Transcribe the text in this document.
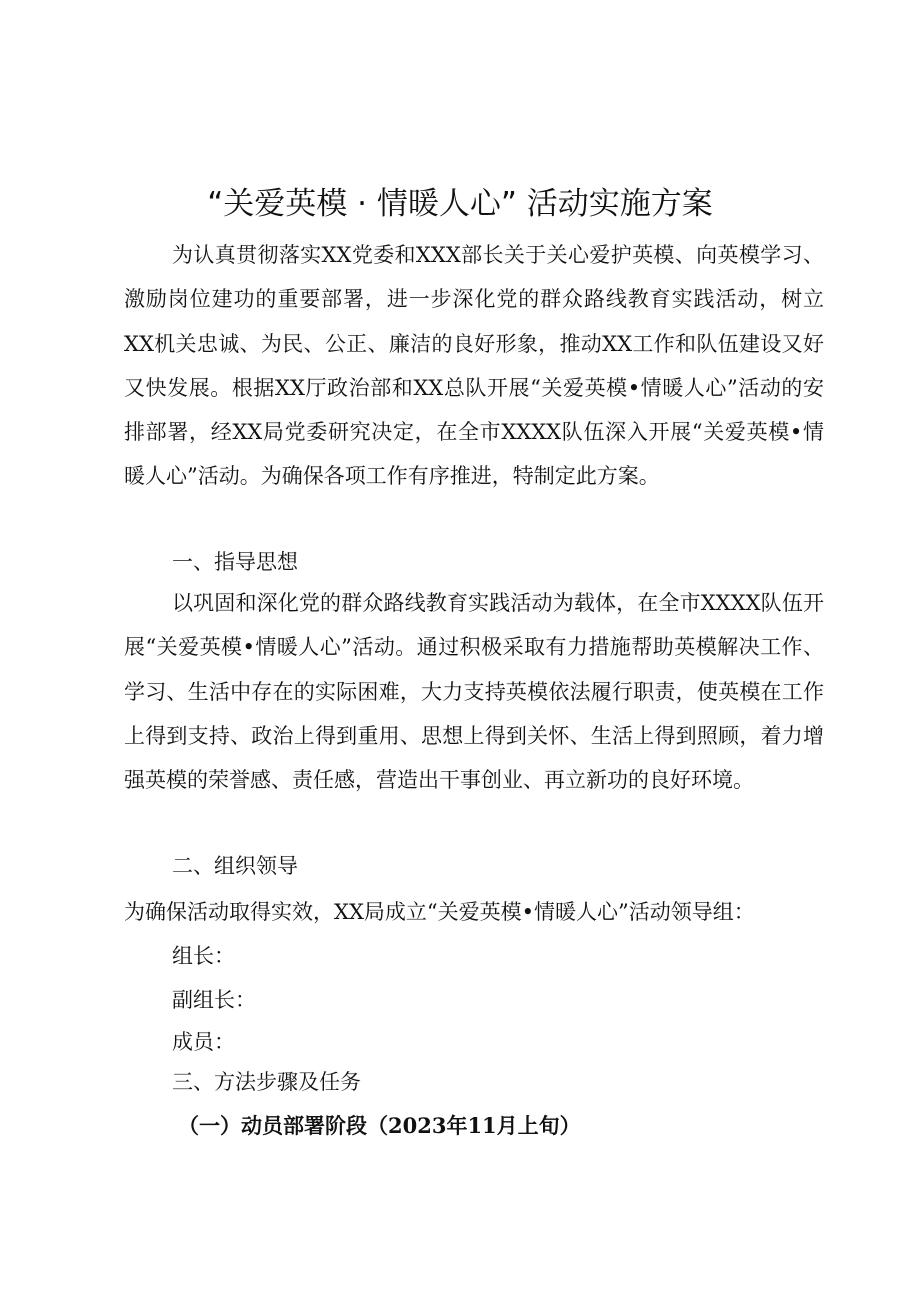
“关爱英模 · 情暖人心” 活动实施方案

为认真贯彻落实XX党委和XXX部长关于关心爱护英模、向英模学习、激励岗位建功的重要部署，进一步深化党的群众路线教育实践活动，树立XX机关忠诚、为民、公正、廉洁的良好形象，推动XX工作和队伍建设又好又快发展。根据XX厅政治部和XX总队开展“关爱英模•情暖人心”活动的安排部署，经XX局党委研究决定，在全市XXXX队伍深入开展“关爱英模•情暖人心”活动。为确保各项工作有序推进，特制定此方案。

一、指导思想

以巩固和深化党的群众路线教育实践活动为载体，在全市XXXX队伍开展“关爱英模•情暖人心”活动。通过积极采取有力措施帮助英模解决工作、学习、生活中存在的实际困难，大力支持英模依法履行职责，使英模在工作上得到支持、政治上得到重用、思想上得到关怀、生活上得到照顾，着力增强英模的荣誉感、责任感，营造出干事创业、再立新功的良好环境。

二、组织领导

为确保活动取得实效，XX局成立“关爱英模•情暖人心”活动领导组：

组长：

副组长：

成员：

三、方法步骤及任务

（一）动员部署阶段（2023年11月上旬）
